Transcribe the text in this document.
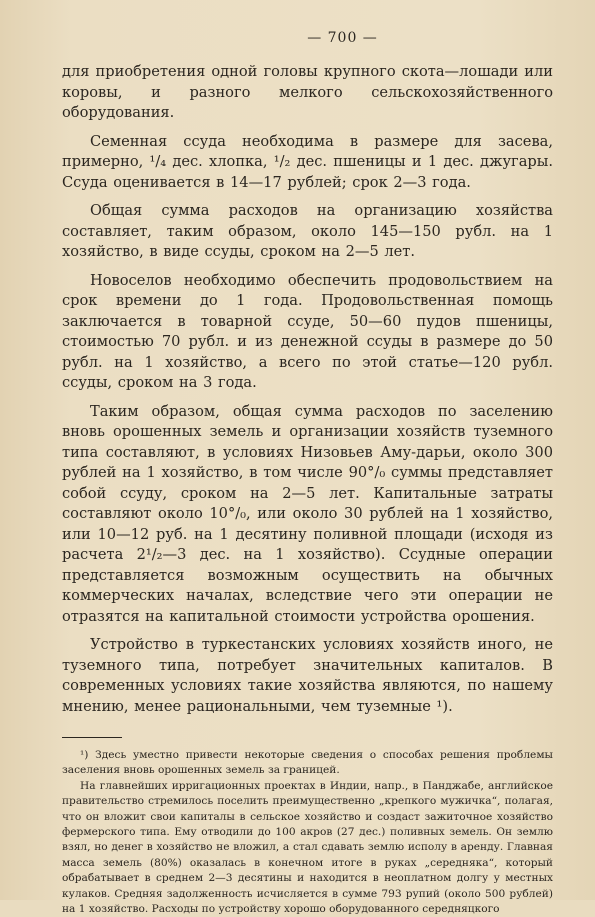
— 700 —

для приобретения одной головы крупного скота—лошади или коровы, и разного мелкого сельскохозяйственного оборудования.

Семенная ссуда необходима в размере для засева, примерно, ¹/₄ дес. хлопка, ¹/₂ дес. пшеницы и 1 дес. джугары. Ссуда оценивается в 14—17 рублей; срок 2—3 года.

Общая сумма расходов на организацию хозяйства составляет, таким образом, около 145—150 рубл. на 1 хозяйство, в виде ссуды, сроком на 2—5 лет.

Новоселов необходимо обеспечить продовольствием на срок времени до 1 года. Продовольственная помощь заключается в товарной ссуде, 50—60 пудов пшеницы, стоимостью 70 рубл. и из денежной ссуды в размере до 50 рубл. на 1 хозяйство, а всего по этой статье—120 рубл. ссуды, сроком на 3 года.

Таким образом, общая сумма расходов по заселению вновь орошенных земель и организации хозяйств туземного типа составляют, в условиях Низовьев Аму-дарьи, около 300 рублей на 1 хозяйство, в том числе 90°/₀ суммы представляет собой ссуду, сроком на 2—5 лет. Капитальные затраты составляют около 10°/₀, или около 30 рублей на 1 хозяйство, или 10—12 руб. на 1 десятину поливной площади (исходя из расчета 2¹/₂—3 дес. на 1 хозяйство). Ссудные операции представляется возможным осуществить на обычных коммерческих началах, вследствие чего эти операции не отразятся на капитальной стоимости устройства орошения.

Устройство в туркестанских условиях хозяйств иного, не туземного типа, потребует значительных капиталов. В современных условиях такие хозяйства являются, по нашему мнению, менее рациональными, чем туземные ¹).

¹) Здесь уместно привести некоторые сведения о способах решения проблемы заселения вновь орошенных земель за границей.

На главнейших ирригационных проектах в Индии, напр., в Панджабе, английское правительство стремилось поселить преимущественно „крепкого мужичка“, полагая, что он вложит свои капиталы в сельское хозяйство и создаст зажиточное хозяйство фермерского типа. Ему отводили до 100 акров (27 дес.) поливных земель. Он землю взял, но денег в хозяйство не вложил, а стал сдавать землю исполу в аренду. Главная масса земель (80%) оказалась в конечном итоге в руках „середняка“, который обрабатывает в среднем 2—3 десятины и находится в неоплатном долгу у местных кулаков. Средняя задолженность исчисляется в сумме 793 рупий (около 500 рублей) на 1 хозяйство. Расходы по устройству хорошо оборудованного середняцкого
